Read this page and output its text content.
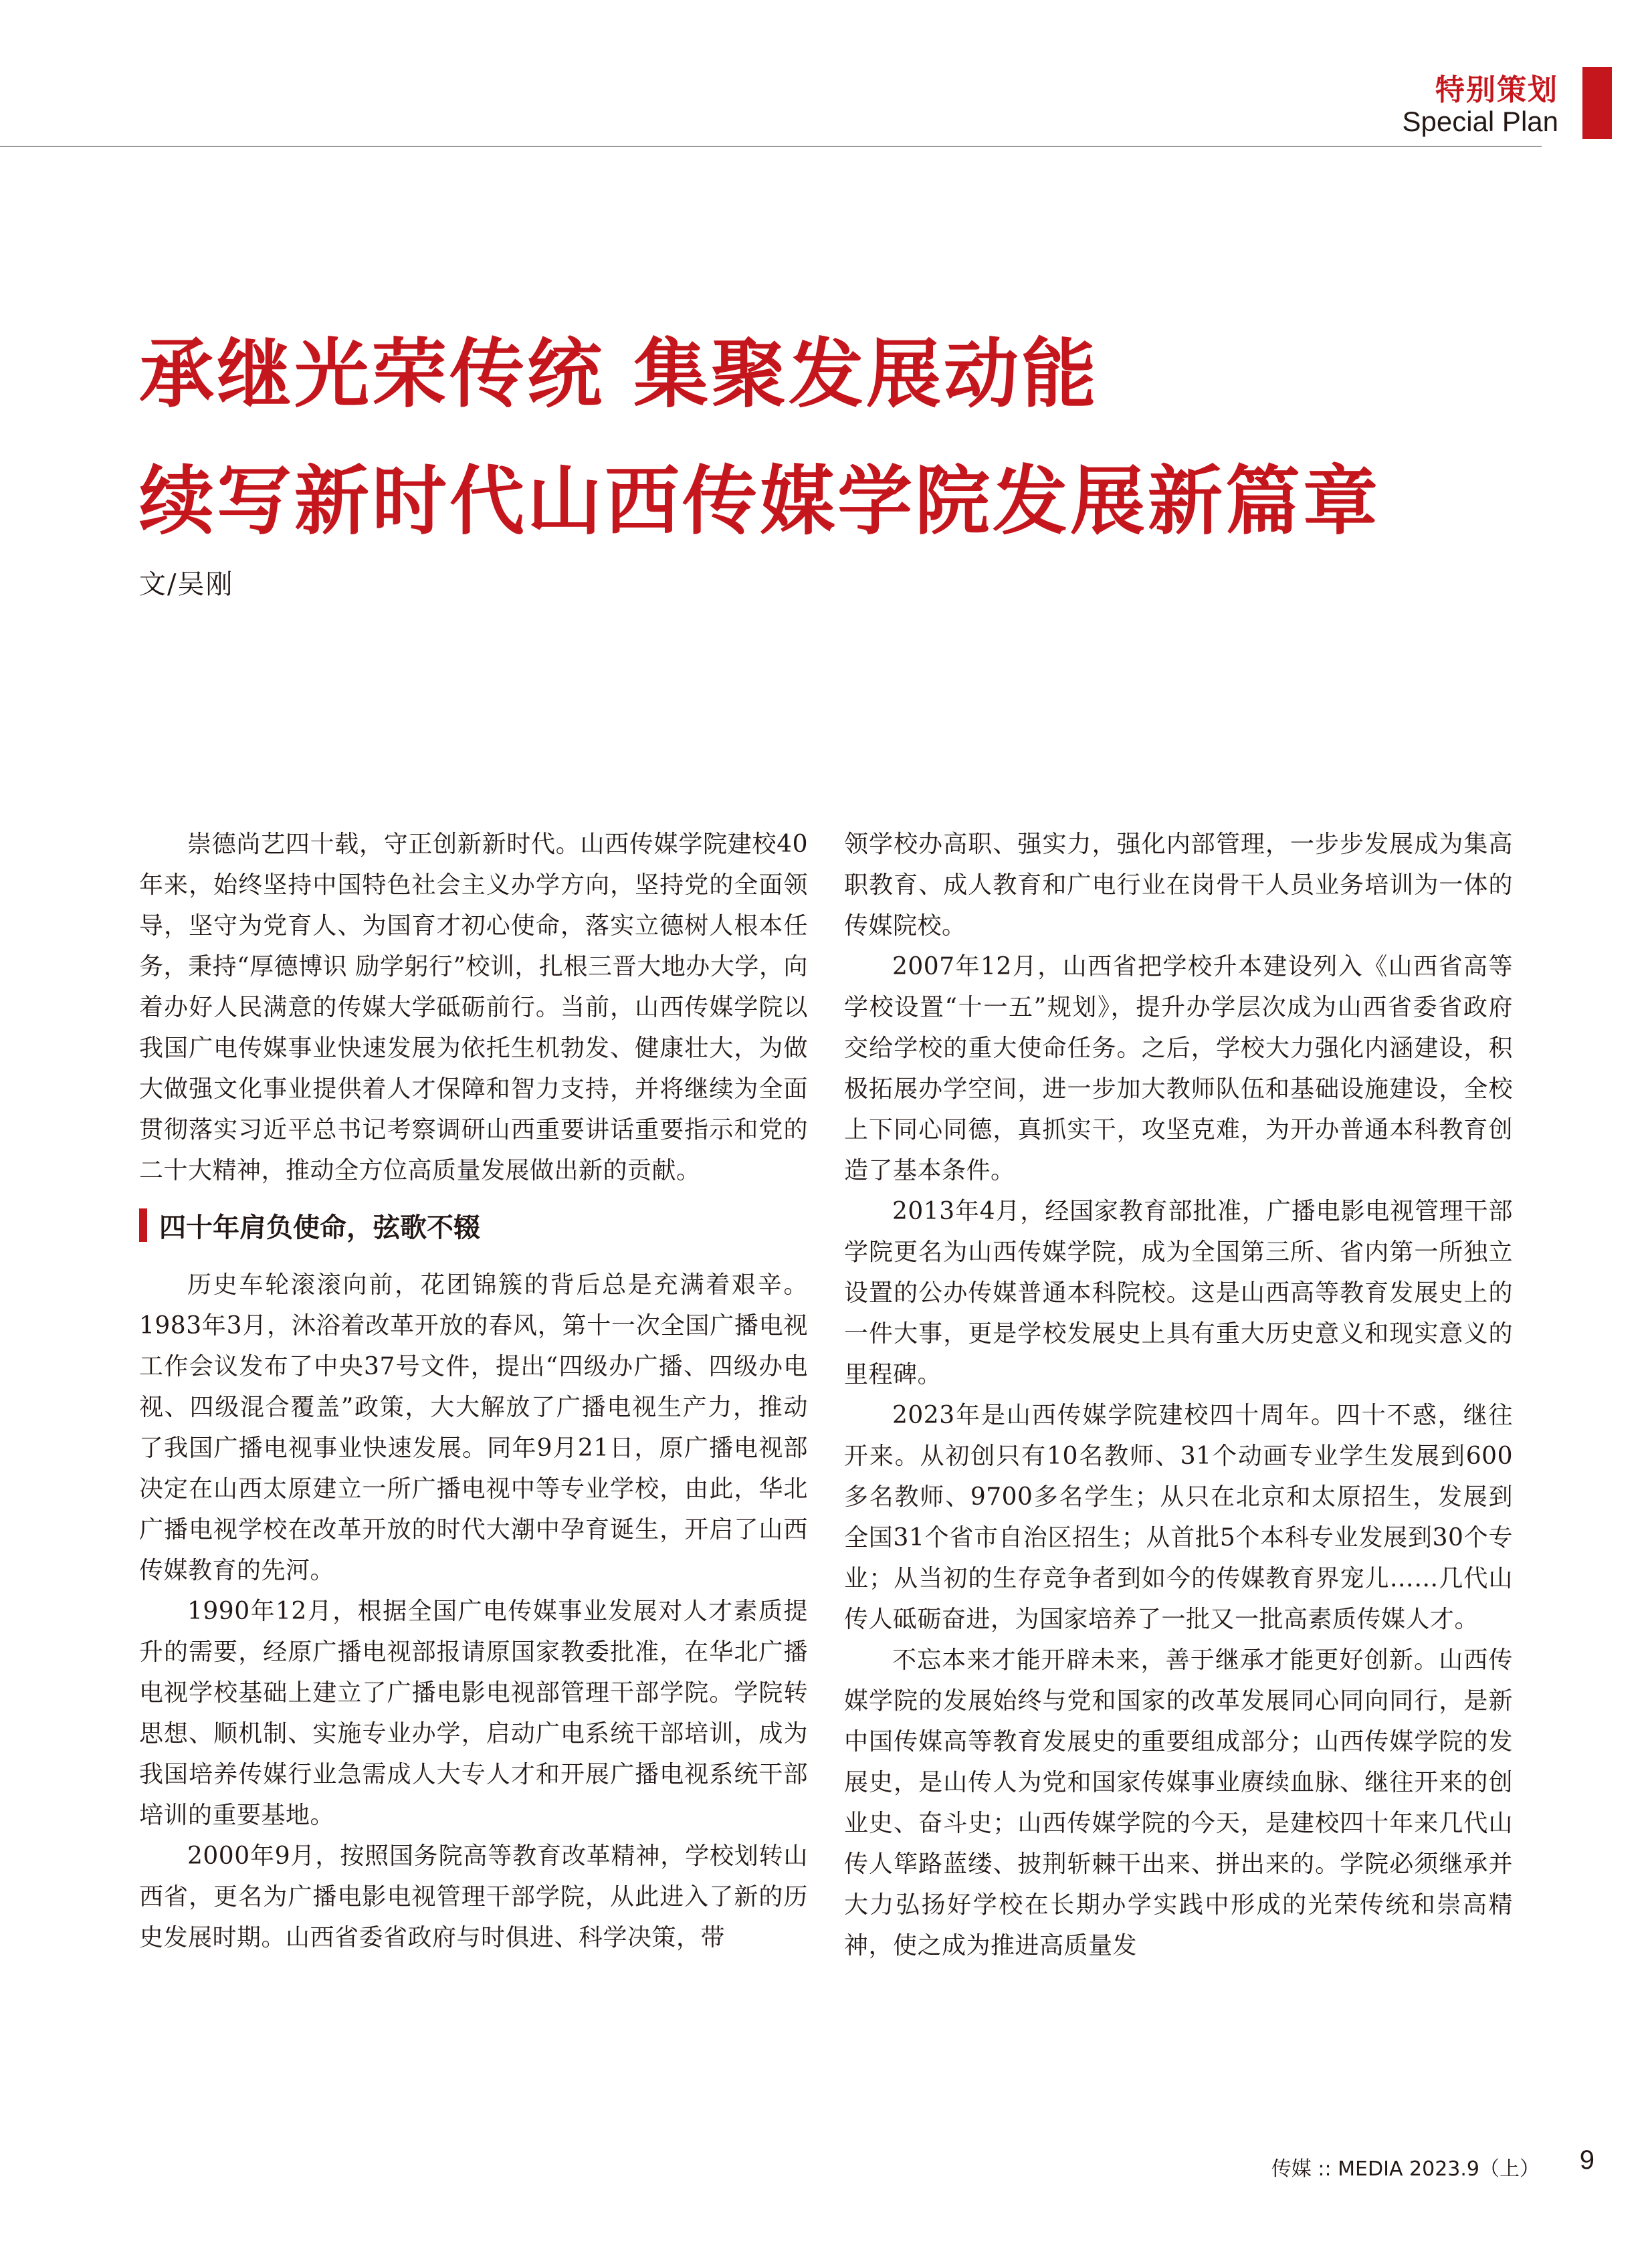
特别策划
Special Plan
承继光荣传统 集聚发展动能
续写新时代山西传媒学院发展新篇章
文/吴刚

崇德尚艺四十载，守正创新新时代。山西传媒学院建校40年来，始终坚持中国特色社会主义办学方向，坚持党的全面领导，坚守为党育人、为国育才初心使命，落实立德树人根本任务，秉持“厚德博识 励学躬行”校训，扎根三晋大地办大学，向着办好人民满意的传媒大学砥砺前行。当前，山西传媒学院以我国广电传媒事业快速发展为依托生机勃发、健康壮大，为做大做强文化事业提供着人才保障和智力支持，并将继续为全面贯彻落实习近平总书记考察调研山西重要讲话重要指示和党的二十大精神，推动全方位高质量发展做出新的贡献。

四十年肩负使命，弦歌不辍

历史车轮滚滚向前，花团锦簇的背后总是充满着艰辛。1983年3月，沐浴着改革开放的春风，第十一次全国广播电视工作会议发布了中央37号文件，提出“四级办广播、四级办电视、四级混合覆盖”政策，大大解放了广播电视生产力，推动了我国广播电视事业快速发展。同年9月21日，原广播电视部决定在山西太原建立一所广播电视中等专业学校，由此，华北广播电视学校在改革开放的时代大潮中孕育诞生，开启了山西传媒教育的先河。

1990年12月，根据全国广电传媒事业发展对人才素质提升的需要，经原广播电视部报请原国家教委批准，在华北广播电视学校基础上建立了广播电影电视部管理干部学院。学院转思想、顺机制、实施专业办学，启动广电系统干部培训，成为我国培养传媒行业急需成人大专人才和开展广播电视系统干部培训的重要基地。

2000年9月，按照国务院高等教育改革精神，学校划转山西省，更名为广播电影电视管理干部学院，从此进入了新的历史发展时期。山西省委省政府与时俱进、科学决策，带

领学校办高职、强实力，强化内部管理，一步步发展成为集高职教育、成人教育和广电行业在岗骨干人员业务培训为一体的传媒院校。

2007年12月，山西省把学校升本建设列入《山西省高等学校设置“十一五”规划》，提升办学层次成为山西省委省政府交给学校的重大使命任务。之后，学校大力强化内涵建设，积极拓展办学空间，进一步加大教师队伍和基础设施建设，全校上下同心同德，真抓实干，攻坚克难，为开办普通本科教育创造了基本条件。

2013年4月，经国家教育部批准，广播电影电视管理干部学院更名为山西传媒学院，成为全国第三所、省内第一所独立设置的公办传媒普通本科院校。这是山西高等教育发展史上的一件大事，更是学校发展史上具有重大历史意义和现实意义的里程碑。

2023年是山西传媒学院建校四十周年。四十不惑，继往开来。从初创只有10名教师、31个动画专业学生发展到600多名教师、9700多名学生；从只在北京和太原招生，发展到全国31个省市自治区招生；从首批5个本科专业发展到30个专业；从当初的生存竞争者到如今的传媒教育界宠儿……几代山传人砥砺奋进，为国家培养了一批又一批高素质传媒人才。

不忘本来才能开辟未来，善于继承才能更好创新。山西传媒学院的发展始终与党和国家的改革发展同心同向同行，是新中国传媒高等教育发展史的重要组成部分；山西传媒学院的发展史，是山传人为党和国家传媒事业赓续血脉、继往开来的创业史、奋斗史；山西传媒学院的今天，是建校四十年来几代山传人筚路蓝缕、披荆斩棘干出来、拼出来的。学院必须继承并大力弘扬好学校在长期办学实践中形成的光荣传统和崇高精神，使之成为推进高质量发

传媒 :: MEDIA 2023.9（上） 9
